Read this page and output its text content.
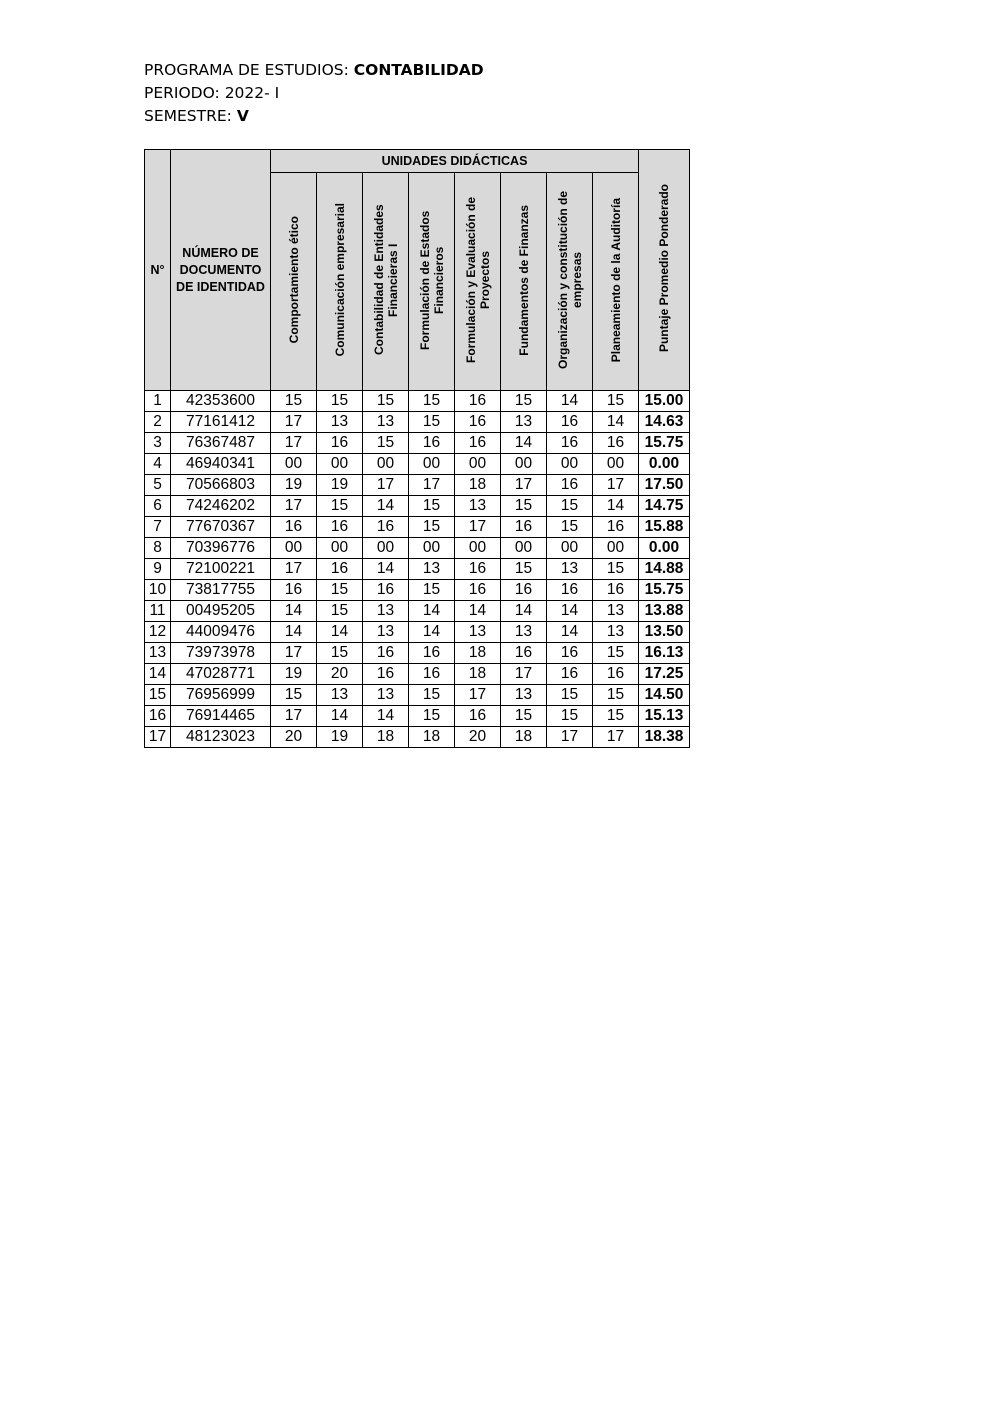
PROGRAMA DE ESTUDIOS: CONTABILIDAD
PERIODO: 2022- I
SEMESTRE: V
N°	NÚMERO DE DOCUMENTO DE IDENTIDAD	UNIDADES DIDÁCTICAS								Puntaje Promedio Ponderado
		Comportamiento ético	Comunicación empresarial	Contabilidad de Entidades Financieras I	Formulación de Estados Financieros	Formulación y Evaluación de Proyectos	Fundamentos de Finanzas	Organización y constitución de empresas	Planeamiento de la Auditoría	
1	42353600	15	15	15	15	16	15	14	15	15.00
2	77161412	17	13	13	15	16	13	16	14	14.63
3	76367487	17	16	15	16	16	14	16	16	15.75
4	46940341	00	00	00	00	00	00	00	00	0.00
5	70566803	19	19	17	17	18	17	16	17	17.50
6	74246202	17	15	14	15	13	15	15	14	14.75
7	77670367	16	16	16	15	17	16	15	16	15.88
8	70396776	00	00	00	00	00	00	00	00	0.00
9	72100221	17	16	14	13	16	15	13	15	14.88
10	73817755	16	15	16	15	16	16	16	16	15.75
11	00495205	14	15	13	14	14	14	14	13	13.88
12	44009476	14	14	13	14	13	13	14	13	13.50
13	73973978	17	15	16	16	18	16	16	15	16.13
14	47028771	19	20	16	16	18	17	16	16	17.25
15	76956999	15	13	13	15	17	13	15	15	14.50
16	76914465	17	14	14	15	16	15	15	15	15.13
17	48123023	20	19	18	18	20	18	17	17	18.38
